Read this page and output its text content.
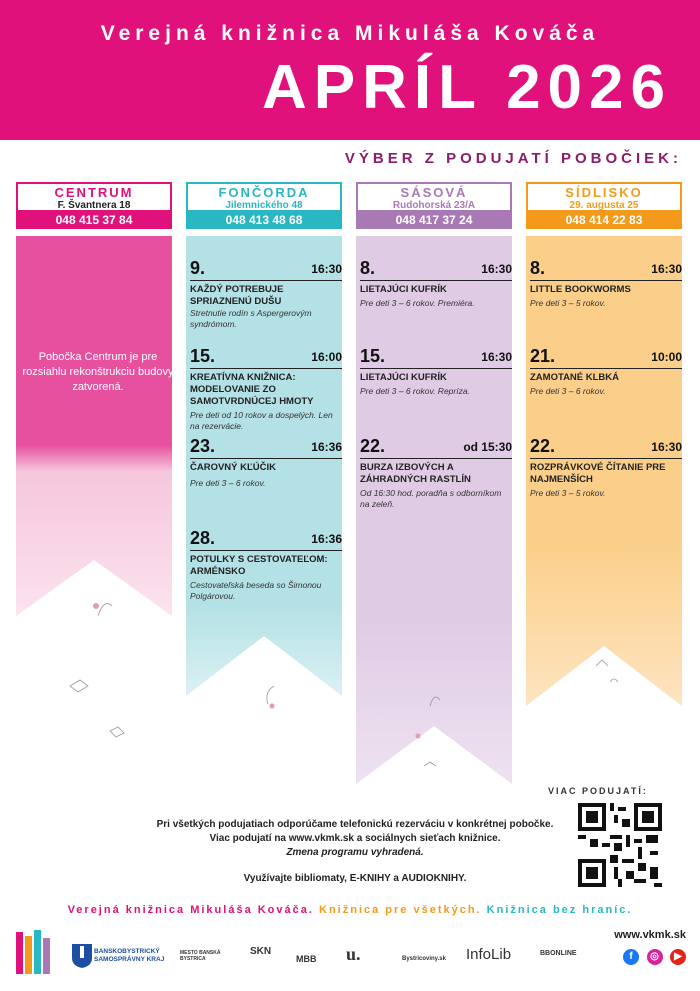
Verejná knižnica Mikuláša Kováča
APRÍL 2026
VÝBER Z PODUJATÍ POBOČIEK:
CENTRUM
F. Švantnera 18
048 415 37 84
FONČORDA
Jilemnického 48
048 413 48 68
SÁSOVÁ
Rudohorská 23/A
048 417 37 24
SÍDLISKO
29. augusta 25
048 414 22 83
Pobočka Centrum je pre rozsiahlu rekonštrukciu budovy zatvorená.
9.	16:30
KAŽDÝ POTREBUJE SPRIAZNENÚ DUŠU
Stretnutie rodín s Aspergerovým syndrómom.
15.	16:00
KREATÍVNA KNIŽNICA: MODELOVANIE ZO SAMOTVRDNÚCEJ HMOTY
Pre deti od 10 rokov a dospelých. Len na rezervácie.
23.	16:36
ČAROVNÝ KĽÚČIK
Pre deti 3 – 6 rokov.
28.	16:36
POTULKY S CESTOVATEĽOM: ARMÉNSKO
Cestovateľská beseda so Šimonou Polgárovou.
8.	16:30
LIETAJÚCI KUFRÍK
Pre deti 3 – 6 rokov. Premiéra.
15.	16:30
LIETAJÚCI KUFRÍK
Pre deti 3 – 6 rokov. Repríza.
22.	od 15:30
BURZA IZBOVÝCH A ZÁHRADNÝCH RASTLÍN
Od 16:30 hod. poradňa s odborníkom na zeleň.
8.	16:30
LITTLE BOOKWORMS
Pre deti 3 – 5 rokov.
21.	10:00
ZAMOTANÉ KLBKÁ
Pre deti 3 – 6 rokov.
22.	16:30
ROZPRÁVKOVÉ ČÍTANIE PRE NAJMENŠÍCH
Pre deti 3 – 5 rokov.
VIAC PODUJATÍ:
Pri všetkých podujatiach odporúčame telefonickú rezerváciu v konkrétnej pobočke.
Viac podujatí na www.vkmk.sk a sociálnych sieťach knižnice.
Zmena programu vyhradená.
Využívajte bibliomaty, E-KNIHY a AUDIOKNIHY.
Verejná knižnica Mikuláša Kováča. Knižnica pre všetkých. Knižnica bez hraníc.
BANSKOBYSTRICKÝ SAMOSPRÁVNY KRAJ
MESTO BANSKÁ BYSTRICA
SKN
MBB u.	Bystricoviny.sk InfoLib	BBONLINE
www.vkmk.sk
f ◎ ▶
